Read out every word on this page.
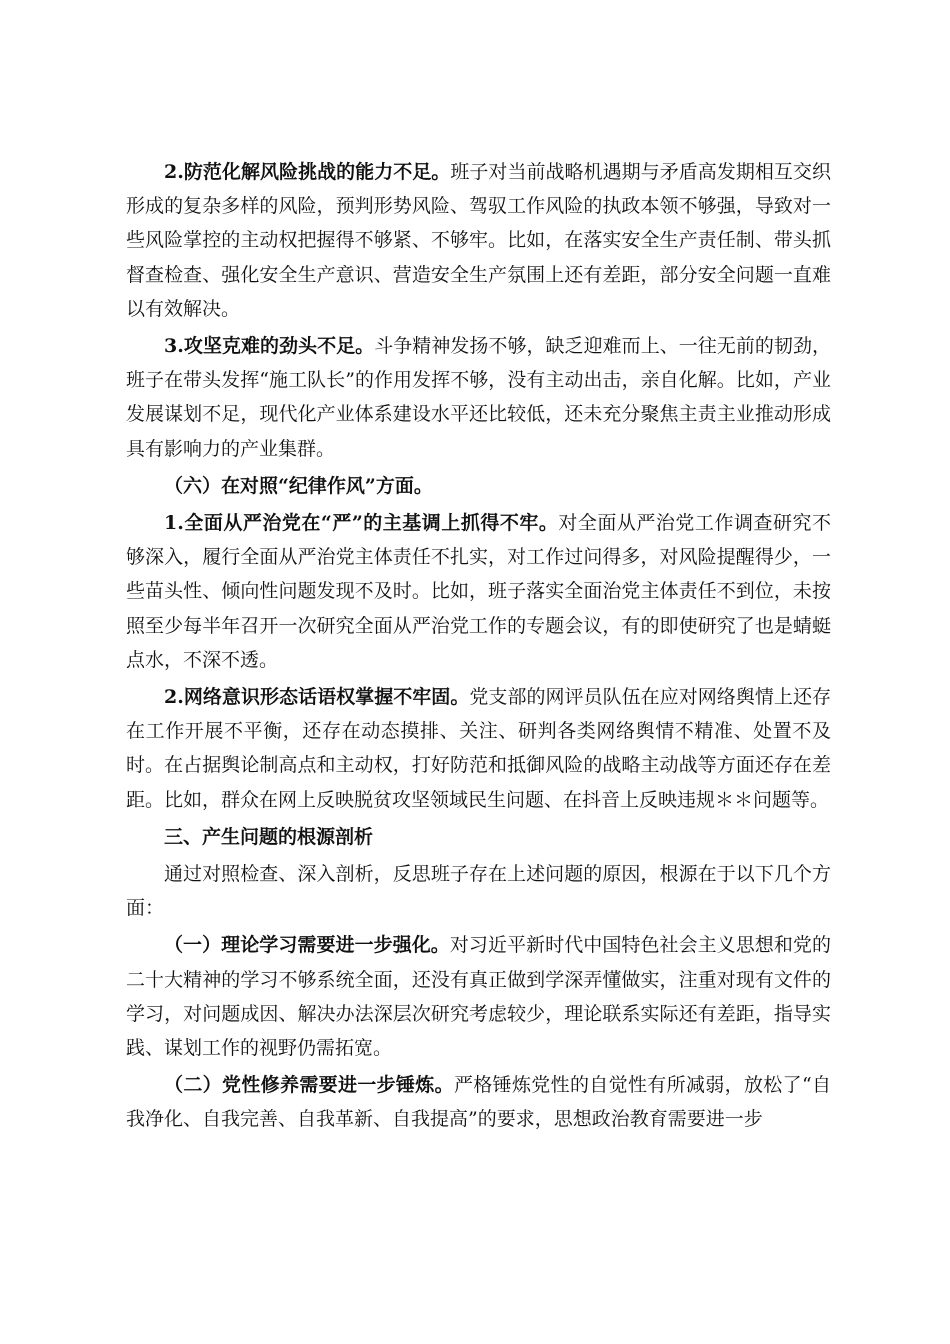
2.防范化解风险挑战的能力不足。班子对当前战略机遇期与矛盾高发期相互交织形成的复杂多样的风险，预判形势风险、驾驭工作风险的执政本领不够强，导致对一些风险掌控的主动权把握得不够紧、不够牢。比如，在落实安全生产责任制、带头抓督查检查、强化安全生产意识、营造安全生产氛围上还有差距，部分安全问题一直难以有效解决。

3.攻坚克难的劲头不足。斗争精神发扬不够，缺乏迎难而上、一往无前的韧劲，班子在带头发挥“施工队长”的作用发挥不够，没有主动出击，亲自化解。比如，产业发展谋划不足，现代化产业体系建设水平还比较低，还未充分聚焦主责主业推动形成具有影响力的产业集群。

（六）在对照“纪律作风”方面。

1.全面从严治党在“严”的主基调上抓得不牢。对全面从严治党工作调查研究不够深入，履行全面从严治党主体责任不扎实，对工作过问得多，对风险提醒得少，一些苗头性、倾向性问题发现不及时。比如，班子落实全面治党主体责任不到位，未按照至少每半年召开一次研究全面从严治党工作的专题会议，有的即使研究了也是蜻蜓点水，不深不透。

2.网络意识形态话语权掌握不牢固。党支部的网评员队伍在应对网络舆情上还存在工作开展不平衡，还存在动态摸排、关注、研判各类网络舆情不精准、处置不及时。在占据舆论制高点和主动权，打好防范和抵御风险的战略主动战等方面还存在差距。比如，群众在网上反映脱贫攻坚领域民生问题、在抖音上反映违规＊＊问题等。

三、产生问题的根源剖析

通过对照检查、深入剖析，反思班子存在上述问题的原因，根源在于以下几个方面：

（一）理论学习需要进一步强化。对习近平新时代中国特色社会主义思想和党的二十大精神的学习不够系统全面，还没有真正做到学深弄懂做实，注重对现有文件的学习，对问题成因、解决办法深层次研究考虑较少，理论联系实际还有差距，指导实践、谋划工作的视野仍需拓宽。

（二）党性修养需要进一步锤炼。严格锤炼党性的自觉性有所减弱，放松了“自我净化、自我完善、自我革新、自我提高”的要求，思想政治教育需要进一步
